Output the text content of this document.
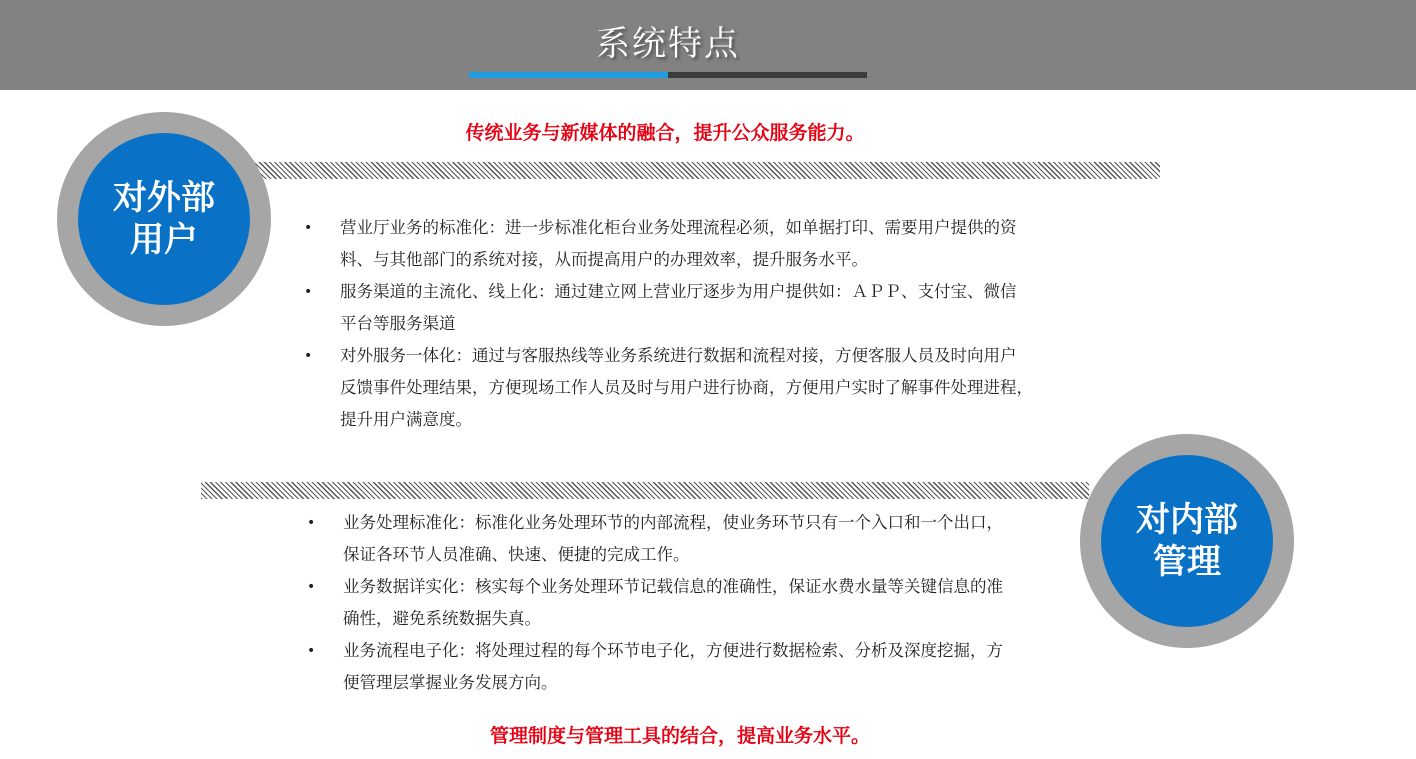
系统特点
传统业务与新媒体的融合，提升公众服务能力。
对外部
用户	• 营业厅业务的标准化：进一步标准化柜台业务处理流程必须，如单据打印、需要用户提供的资
料、与其他部门的系统对接，从而提高用户的办理效率，提升服务水平。
• 服务渠道的主流化、线上化：通过建立网上营业厅逐步为用户提供如：ＡＰＰ、支付宝、微信
平台等服务渠道
• 对外服务一体化：通过与客服热线等业务系统进行数据和流程对接，方便客服人员及时向用户
反馈事件处理结果，方便现场工作人员及时与用户进行协商，方便用户实时了解事件处理进程，
提升用户满意度。
对内部
管理
• 业务处理标准化：标准化业务处理环节的内部流程，使业务环节只有一个入口和一个出口，
保证各环节人员准确、快速、便捷的完成工作。
• 业务数据详实化：核实每个业务处理环节记载信息的准确性，保证水费水量等关键信息的准
确性，避免系统数据失真。
• 业务流程电子化：将处理过程的每个环节电子化，方便进行数据检索、分析及深度挖掘，方
便管理层掌握业务发展方向。
管理制度与管理工具的结合，提高业务水平。
